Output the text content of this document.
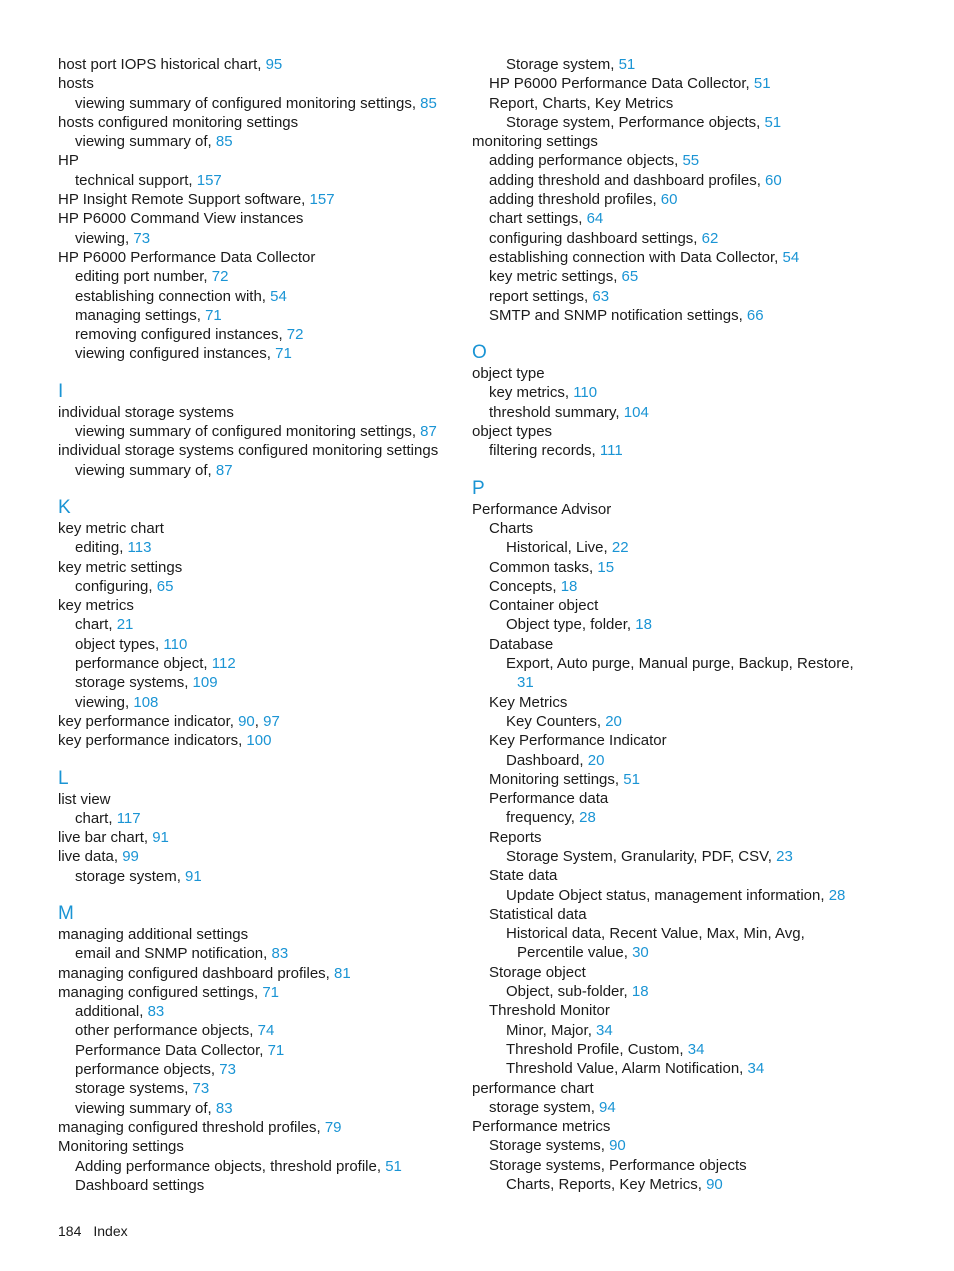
host port IOPS historical chart, 95
hosts
viewing summary of configured monitoring settings, 85
hosts configured monitoring settings
viewing summary of, 85
HP
technical support, 157
HP Insight Remote Support software, 157
HP P6000 Command View instances
viewing, 73
HP P6000 Performance Data Collector
editing port number, 72
establishing connection with, 54
managing settings, 71
removing configured instances, 72
viewing configured instances, 71
I
individual storage systems
viewing summary of configured monitoring settings, 87
individual storage systems configured monitoring settings
viewing summary of, 87
K
key metric chart
editing, 113
key metric settings
configuring, 65
key metrics
chart, 21
object types, 110
performance object, 112
storage systems, 109
viewing, 108
key performance indicator, 90, 97
key performance indicators, 100
L
list view
chart, 117
live bar chart, 91
live data, 99
storage system, 91
M
managing additional settings
email and SNMP notification, 83
managing configured dashboard profiles, 81
managing configured settings, 71
additional, 83
other performance objects, 74
Performance Data Collector, 71
performance objects, 73
storage systems, 73
viewing summary of, 83
managing configured threshold profiles, 79
Monitoring settings
Adding performance objects, threshold profile, 51
Dashboard settings
Storage system, 51
HP P6000 Performance Data Collector, 51
Report, Charts, Key Metrics
Storage system, Performance objects, 51
monitoring settings
adding performance objects, 55
adding threshold and dashboard profiles, 60
adding threshold profiles, 60
chart settings, 64
configuring dashboard settings, 62
establishing connection with Data Collector, 54
key metric settings, 65
report settings, 63
SMTP and SNMP notification settings, 66
O
object type
key metrics, 110
threshold summary, 104
object types
filtering records, 111
P
Performance Advisor
Charts
Historical, Live, 22
Common tasks, 15
Concepts, 18
Container object
Object type, folder, 18
Database
Export, Auto purge, Manual purge, Backup, Restore,
31
Key Metrics
Key Counters, 20
Key Performance Indicator
Dashboard, 20
Monitoring settings, 51
Performance data
frequency, 28
Reports
Storage System, Granularity, PDF, CSV, 23
State data
Update Object status, management information, 28
Statistical data
Historical data, Recent Value, Max, Min, Avg,
Percentile value, 30
Storage object
Object, sub-folder, 18
Threshold Monitor
Minor, Major, 34
Threshold Profile, Custom, 34
Threshold Value, Alarm Notification, 34
performance chart
storage system, 94
Performance metrics
Storage systems, 90
Storage systems, Performance objects
Charts, Reports, Key Metrics, 90
184 Index
